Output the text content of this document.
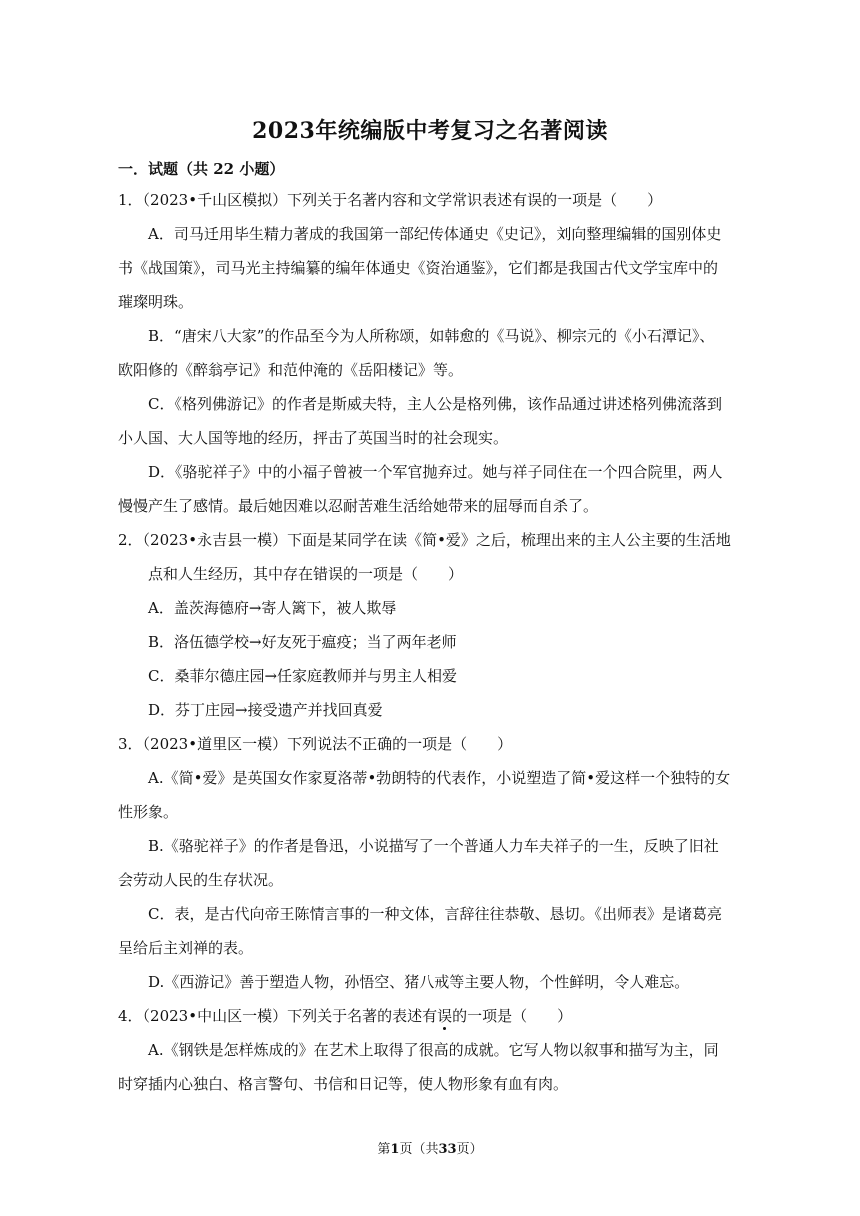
2023年统编版中考复习之名著阅读
一．试题（共 22 小题）
1．（2023•千山区模拟）下列关于名著内容和文学常识表述有误的一项是（　　）
A．司马迁用毕生精力著成的我国第一部纪传体通史《史记》，刘向整理编辑的国别体史
书《战国策》，司马光主持编纂的编年体通史《资治通鉴》，它们都是我国古代文学宝库中的
璀璨明珠。
B．“唐宋八大家”的作品至今为人所称颂，如韩愈的《马说》、柳宗元的《小石潭记》、
欧阳修的《醉翁亭记》和范仲淹的《岳阳楼记》等。
C．《格列佛游记》的作者是斯威夫特，主人公是格列佛，该作品通过讲述格列佛流落到
小人国、大人国等地的经历，抨击了英国当时的社会现实。
D．《骆驼祥子》中的小福子曾被一个军官抛弃过。她与祥子同住在一个四合院里，两人
慢慢产生了感情。最后她因难以忍耐苦难生活给她带来的屈辱而自杀了。
2．（2023•永吉县一模）下面是某同学在读《简•爱》之后，梳理出来的主人公主要的生活地
点和人生经历，其中存在错误的一项是（　　）
A．盖茨海德府→寄人篱下，被人欺辱
B．洛伍德学校→好友死于瘟疫；当了两年老师
C．桑菲尔德庄园→任家庭教师并与男主人相爱
D．芬丁庄园→接受遗产并找回真爱
3．（2023•道里区一模）下列说法不正确的一项是（　　）
A.《简•爱》是英国女作家夏洛蒂•勃朗特的代表作，小说塑造了简•爱这样一个独特的女
性形象。
B.《骆驼祥子》的作者是鲁迅，小说描写了一个普通人力车夫祥子的一生，反映了旧社
会劳动人民的生存状况。
C．表，是古代向帝王陈情言事的一种文体，言辞往往恭敬、恳切。《出师表》是诸葛亮
呈给后主刘禅的表。
D.《西游记》善于塑造人物，孙悟空、猪八戒等主要人物，个性鲜明，令人难忘。
4．（2023•中山区一模）下列关于名著的表述有误的一项是（　　）
A.《钢铁是怎样炼成的》在艺术上取得了很高的成就。它写人物以叙事和描写为主，同
时穿插内心独白、格言警句、书信和日记等，使人物形象有血有肉。
第1页（共33页）
